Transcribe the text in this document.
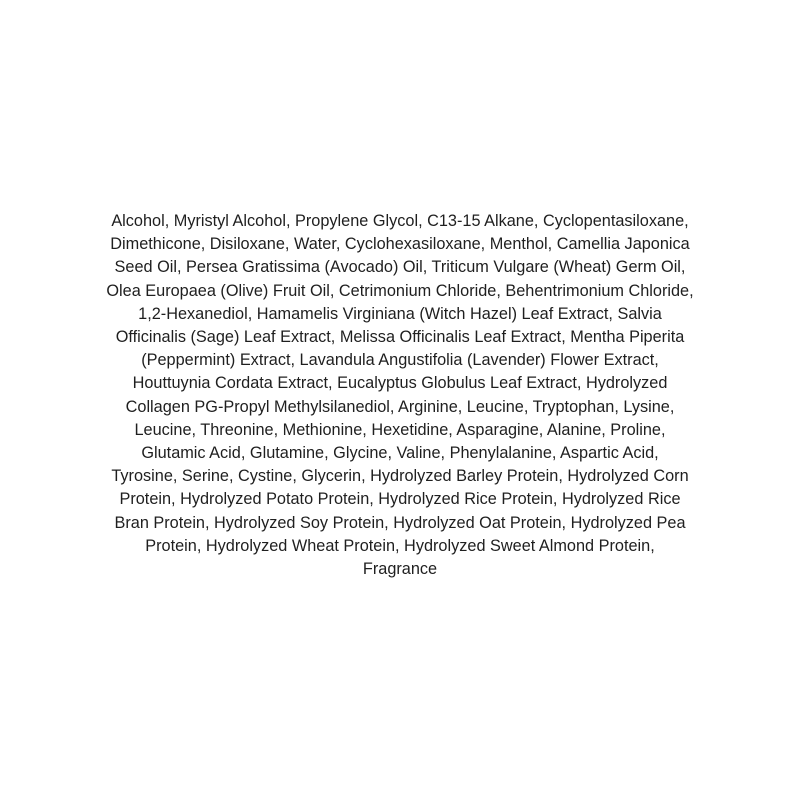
Alcohol, Myristyl Alcohol, Propylene Glycol, C13-15 Alkane, Cyclopentasiloxane,
Dimethicone, Disiloxane, Water, Cyclohexasiloxane, Menthol, Camellia Japonica
Seed Oil, Persea Gratissima (Avocado) Oil, Triticum Vulgare (Wheat) Germ Oil,
Olea Europaea (Olive) Fruit Oil, Cetrimonium Chloride, Behentrimonium Chloride,
1,2-Hexanediol, Hamamelis Virginiana (Witch Hazel) Leaf Extract, Salvia
Officinalis (Sage) Leaf Extract, Melissa Officinalis Leaf Extract, Mentha Piperita
(Peppermint) Extract, Lavandula Angustifolia (Lavender) Flower Extract,
Houttuynia Cordata Extract, Eucalyptus Globulus Leaf Extract, Hydrolyzed
Collagen PG-Propyl Methylsilanediol, Arginine, Leucine, Tryptophan, Lysine,
Leucine, Threonine, Methionine, Hexetidine, Asparagine, Alanine, Proline,
Glutamic Acid, Glutamine, Glycine, Valine, Phenylalanine, Aspartic Acid,
Tyrosine, Serine, Cystine, Glycerin, Hydrolyzed Barley Protein, Hydrolyzed Corn
Protein, Hydrolyzed Potato Protein, Hydrolyzed Rice Protein, Hydrolyzed Rice
Bran Protein, Hydrolyzed Soy Protein, Hydrolyzed Oat Protein, Hydrolyzed Pea
Protein, Hydrolyzed Wheat Protein, Hydrolyzed Sweet Almond Protein,
Fragrance
